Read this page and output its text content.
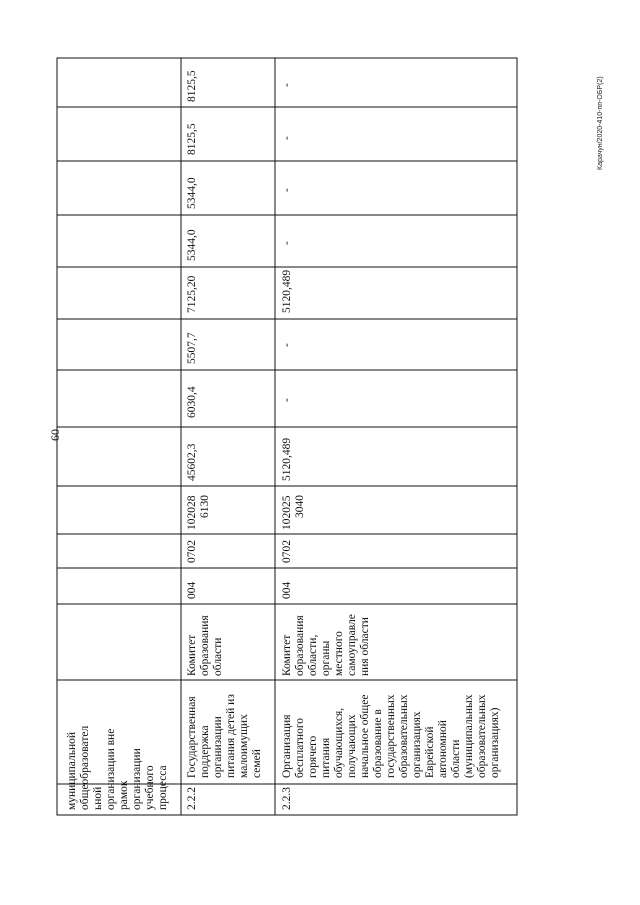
60
Карачун/2020-410-пп-ОБР(2)
муниципальной общеобразовател ьной организации вне рамок организации учебного процесса 2.2.2
Государственная поддержка организации питания детей из малоимущих семей
Комитет образования области
004
0702
102028 6130
45602,3
6030,4
5507,7
7125,20
5344,0
5344,0
8125,5
8125,5
2.2.3
Организация бесплатного горячего питания обучающихся, получающих начальное общее образование в государственных образовательных организациях Еврейской автономной области (муниципальных образовательных организациях)
Комитет образования области, органы местного самоуправле ния области
004
0702
102025 3040
5120,489
-
-
5120,489
-
-
-
-
